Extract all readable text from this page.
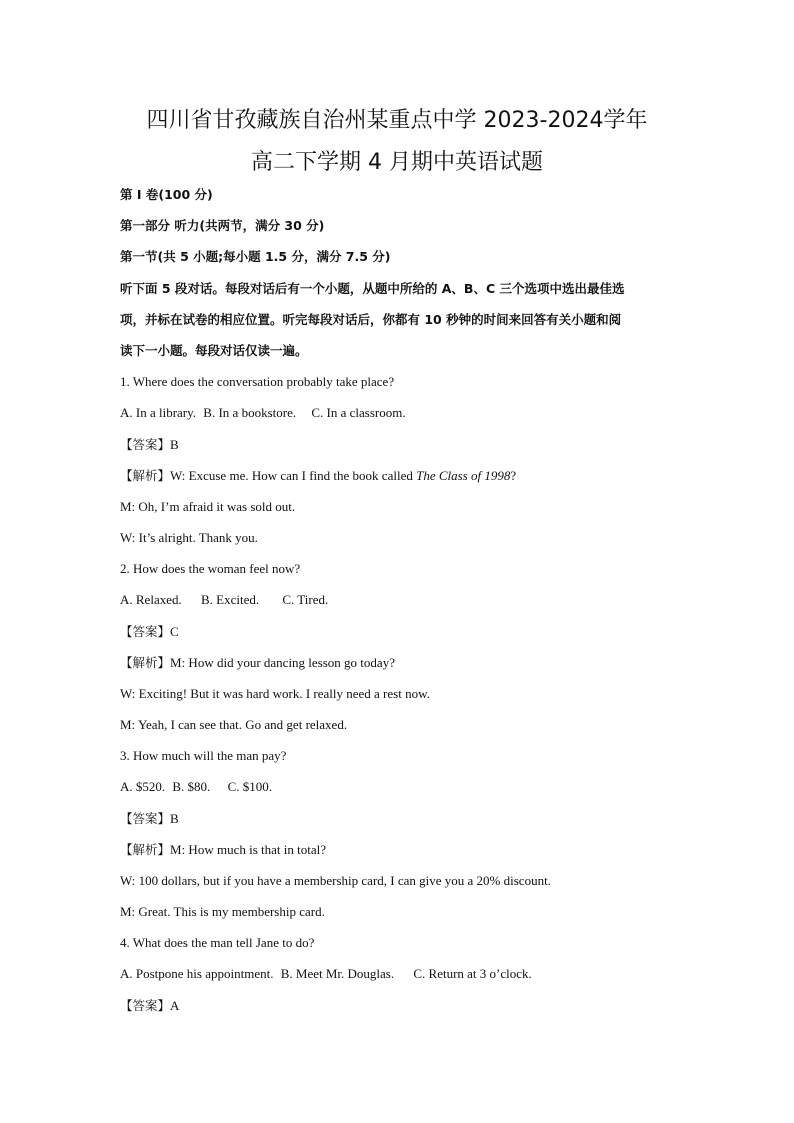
四川省甘孜藏族自治州某重点中学 2023-2024学年
高二下学期 4 月期中英语试题
第 I 卷(100 分)
第一部分 听力(共两节，满分 30 分)
第一节(共 5 小题;每小题 1.5 分，满分 7.5 分)
听下面 5 段对话。每段对话后有一个小题，从题中所给的 A、B、C 三个选项中选出最佳选
项，并标在试卷的相应位置。听完每段对话后，你都有 10 秒钟的时间来回答有关小题和阅
读下一小题。每段对话仅读一遍。
1. Where does the conversation probably take place?
A. In a library. B. In a bookstore. C. In a classroom.
【答案】B
【解析】W: Excuse me. How can I find the book called The Class of 1998?
M: Oh, I’m afraid it was sold out.
W: It’s alright. Thank you.
2. How does the woman feel now?
A. Relaxed. B. Excited. C. Tired.
【答案】C
【解析】M: How did your dancing lesson go today?
W: Exciting! But it was hard work. I really need a rest now.
M: Yeah, I can see that. Go and get relaxed.
3. How much will the man pay?
A. $520. B. $80. C. $100.
【答案】B
【解析】M: How much is that in total?
W: 100 dollars, but if you have a membership card, I can give you a 20% discount.
M: Great. This is my membership card.
4. What does the man tell Jane to do?
A. Postpone his appointment. B. Meet Mr. Douglas. C. Return at 3 o’clock.
【答案】A
